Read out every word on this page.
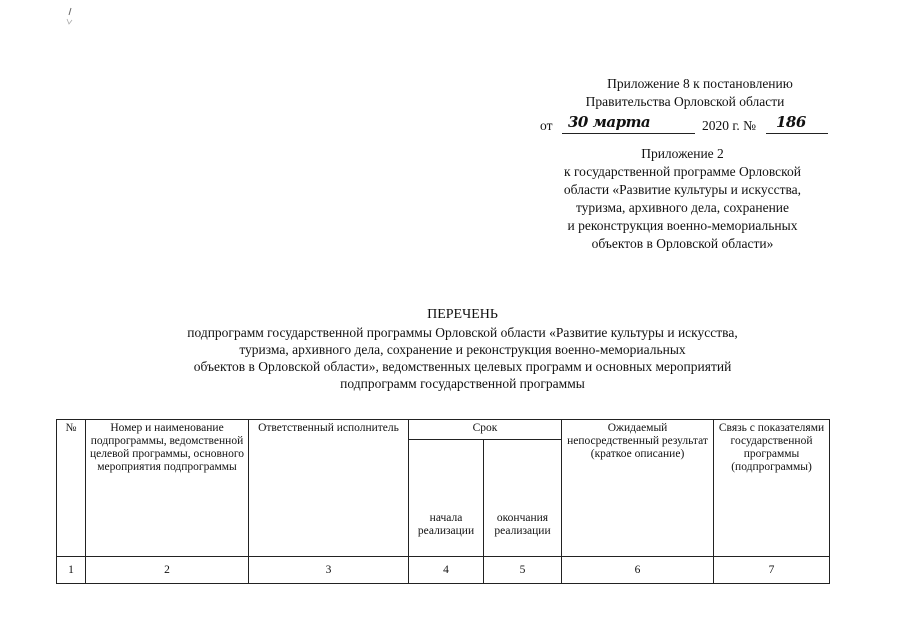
Приложение 8 к постановлению
Правительства Орловской области
от 30 марта	2020 г. № 186
Приложение 2
к государственной программе Орловской
области «Развитие культуры и искусства,
туризма, архивного дела, сохранение
и реконструкция военно-мемориальных
объектов в Орловской области»
ПЕРЕЧЕНЬ
подпрограмм государственной программы Орловской области «Развитие культуры и искусства,
туризма, архивного дела, сохранение и реконструкция военно-мемориальных
объектов в Орловской области», ведомственных целевых программ и основных мероприятий
подпрограмм государственной программы
№	Номер и наименование подпрограммы, ведомственной целевой программы, основного мероприятия подпрограммы	Ответственный исполнитель	Срок		Ожидаемый непосредственный результат (краткое описание)	Связь с показателями государственной программы (подпрограммы)
			начала реализации	окончания реализации		
1	2	3	4	5	6	7
